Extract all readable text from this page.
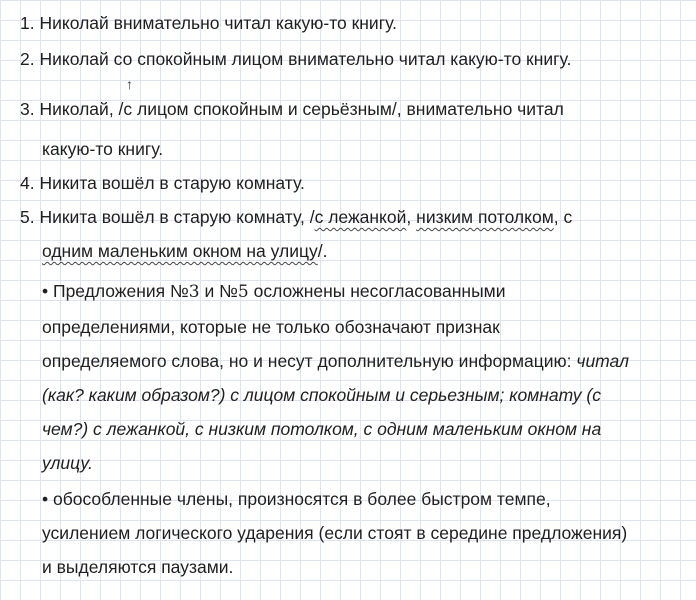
1. Николай внимательно читал какую-то книгу.
2. Николай со спокойным лицом внимательно читал какую-то книгу.
↑
3. Николай, /с лицом спокойным и серьёзным/, внимательно читал
какую-то книгу.
4. Никита вошёл в старую комнату.
5. Никита вошёл в старую комнату, /с лежанкой, низким потолком, с
одним маленьким окном на улицу/.
• Предложения №3 и №5 осложнены несогласованными
определениями, которые не только обозначают признак
определяемого слова, но и несут дополнительную информацию: читал
(как? каким образом?) с лицом спокойным и серьезным; комнату (с
чем?) с лежанкой, с низким потолком, с одним маленьким окном на
улицу.
• обособленные члены, произносятся в более быстром темпе,
усилением логического ударения (если стоят в середине предложения)
и выделяются паузами.
